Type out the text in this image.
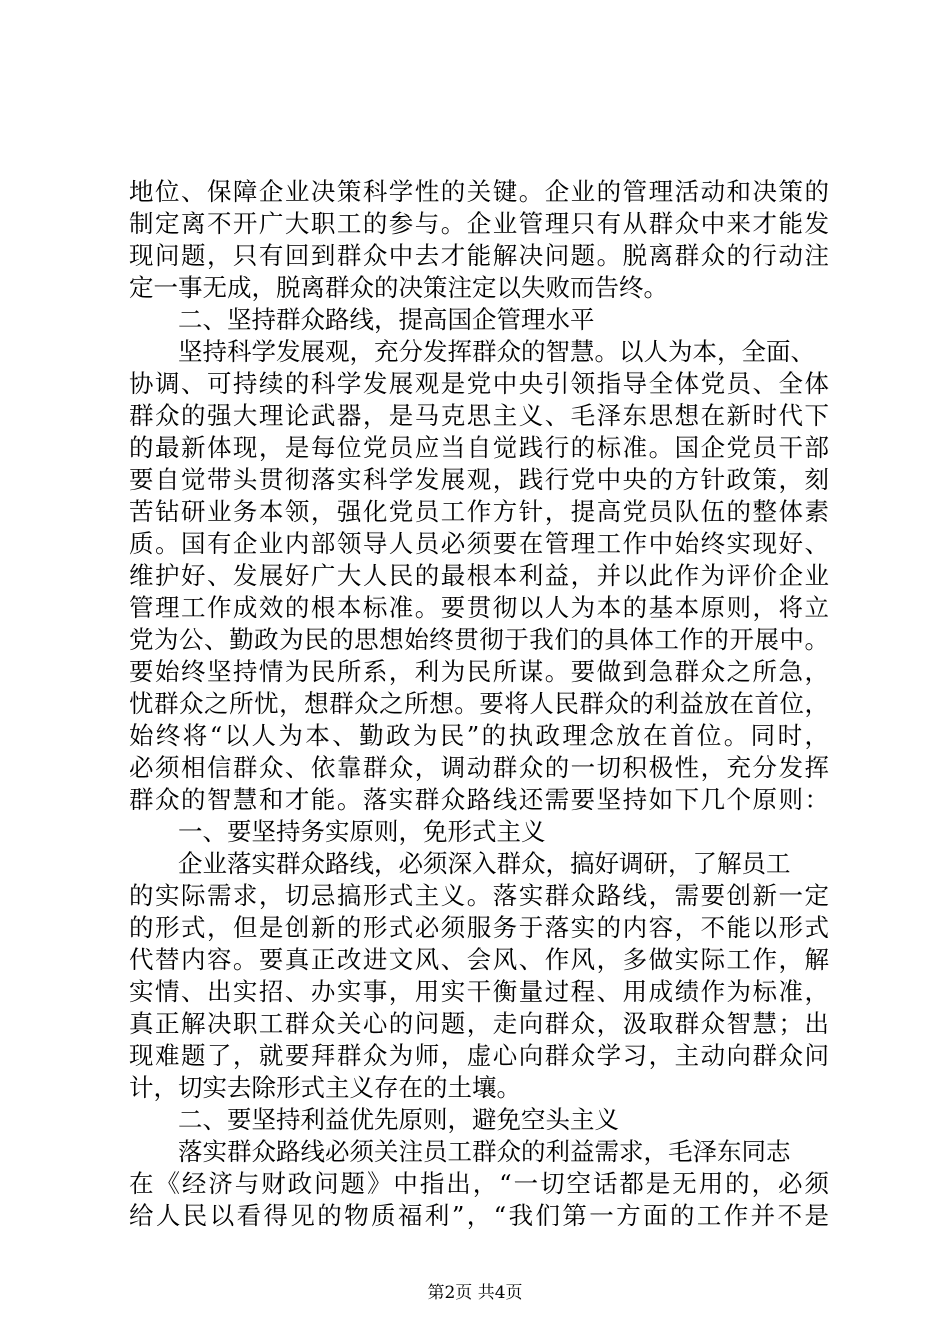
地位、保障企业决策科学性的关键。企业的管理活动和决策的
制定离不开广大职工的参与。企业管理只有从群众中来才能发
现问题，只有回到群众中去才能解决问题。脱离群众的行动注
定一事无成，脱离群众的决策注定以失败而告终。
二、坚持群众路线，提高国企管理水平
坚持科学发展观，充分发挥群众的智慧。以人为本，全面、
协调、可持续的科学发展观是党中央引领指导全体党员、全体
群众的强大理论武器，是马克思主义、毛泽东思想在新时代下
的最新体现，是每位党员应当自觉践行的标准。国企党员干部
要自觉带头贯彻落实科学发展观，践行党中央的方针政策，刻
苦钻研业务本领，强化党员工作方针，提高党员队伍的整体素
质。国有企业内部领导人员必须要在管理工作中始终实现好、
维护好、发展好广大人民的最根本利益，并以此作为评价企业
管理工作成效的根本标准。要贯彻以人为本的基本原则，将立
党为公、勤政为民的思想始终贯彻于我们的具体工作的开展中。
要始终坚持情为民所系，利为民所谋。要做到急群众之所急，
忧群众之所忧，想群众之所想。要将人民群众的利益放在首位，
始终将“以人为本、勤政为民”的执政理念放在首位。同时，
必须相信群众、依靠群众，调动群众的一切积极性，充分发挥
群众的智慧和才能。落实群众路线还需要坚持如下几个原则：
一、要坚持务实原则，免形式主义
企业落实群众路线，必须深入群众，搞好调研，了解员工
的实际需求，切忌搞形式主义。落实群众路线，需要创新一定
的形式，但是创新的形式必须服务于落实的内容，不能以形式
代替内容。要真正改进文风、会风、作风，多做实际工作，解
实情、出实招、办实事，用实干衡量过程、用成绩作为标准，
真正解决职工群众关心的问题，走向群众，汲取群众智慧；出
现难题了，就要拜群众为师，虚心向群众学习，主动向群众问
计，切实去除形式主义存在的土壤。
二、要坚持利益优先原则，避免空头主义
落实群众路线必须关注员工群众的利益需求，毛泽东同志
在《经济与财政问题》中指出，“一切空话都是无用的，必须
给人民以看得见的物质福利”，“我们第一方面的工作并不是
第2页 共4页
